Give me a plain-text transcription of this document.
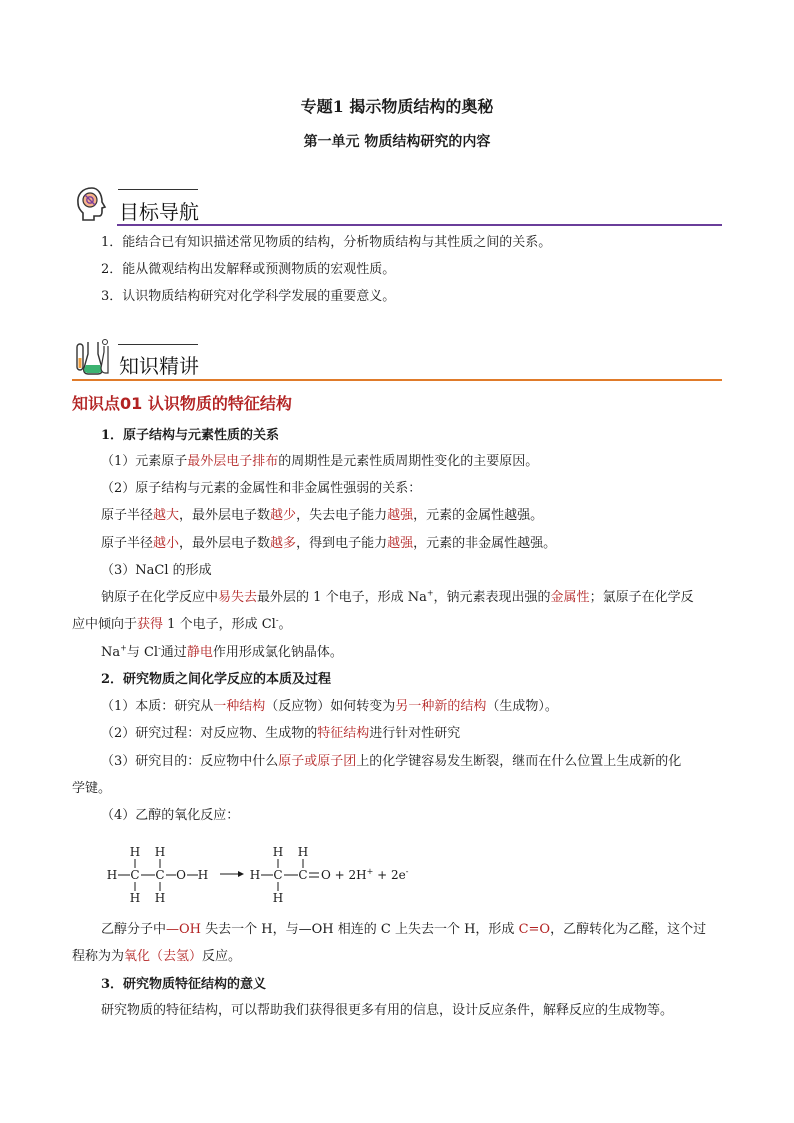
专题1 揭示物质结构的奥秘
第一单元 物质结构研究的内容
目标导航
1．能结合已有知识描述常见物质的结构，分析物质结构与其性质之间的关系。
2．能从微观结构出发解释或预测物质的宏观性质。
3．认识物质结构研究对化学科学发展的重要意义。
知识精讲
知识点01 认识物质的特征结构
1．原子结构与元素性质的关系
（1）元素原子最外层电子排布的周期性是元素性质周期性变化的主要原因。
（2）原子结构与元素的金属性和非金属性强弱的关系：
原子半径越大，最外层电子数越少，失去电子能力越强，元素的金属性越强。
原子半径越小，最外层电子数越多，得到电子能力越强，元素的非金属性越强。
（3）NaCl 的形成
钠原子在化学反应中易失去最外层的 1 个电子，形成 Na+，钠元素表现出强的金属性；氯原子在化学反
应中倾向于获得 1 个电子，形成 Cl-。
Na+与 Cl-通过静电作用形成氯化钠晶体。
2．研究物质之间化学反应的本质及过程
（1）本质：研究从一种结构（反应物）如何转变为另一种新的结构（生成物）。
（2）研究过程：对反应物、生成物的特征结构进行针对性研究
（3）研究目的：反应物中什么原子或原子团上的化学键容易发生断裂，继而在什么位置上生成新的化
学键。
（4）乙醇的氧化反应：
H H
H C C O H
H H
H
H C C
H
H
O + 2H+ + 2e-
乙醇分子中—OH 失去一个 H，与—OH 相连的 C 上失去一个 H，形成 C=O，乙醇转化为乙醛，这个过
程称为为氧化（去氢）反应。
3．研究物质特征结构的意义
研究物质的特征结构，可以帮助我们获得很更多有用的信息，设计反应条件，解释反应的生成物等。
